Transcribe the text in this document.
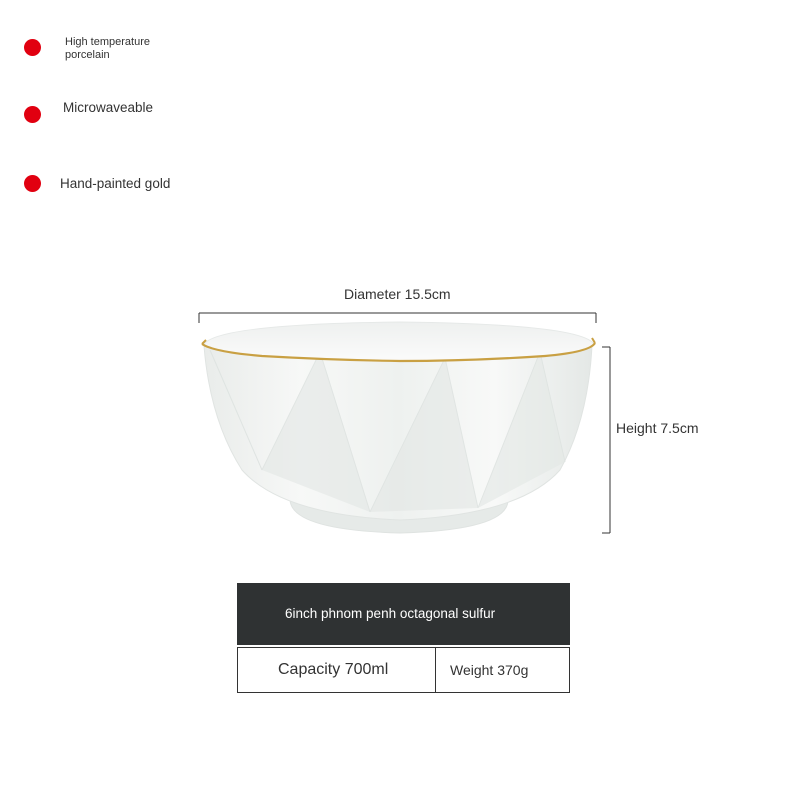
High temperature porcelain
Microwaveable
Hand-painted gold
Diameter 15.5cm
Height 7.5cm
6inch phnom penh octagonal sulfur
Capacity 700ml	Weight 370g
